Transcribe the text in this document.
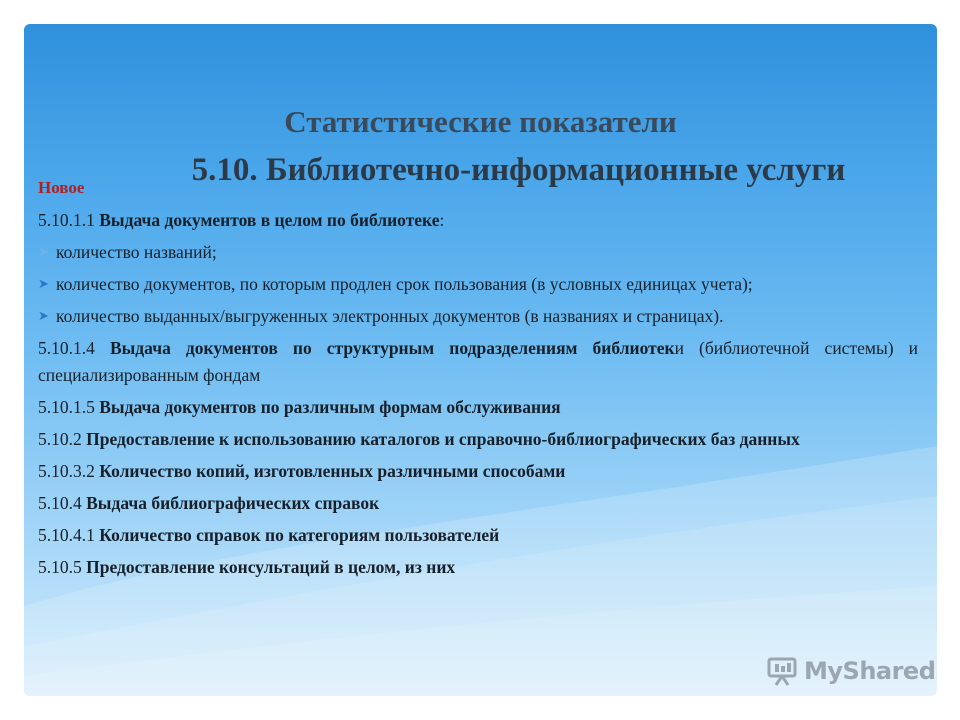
Статистические показатели
5.10. Библиотечно-информационные услуги
Новое
5.10.1.1 Выдача документов в целом по библиотеке:
➤ количество названий;
➤ количество документов, по которым продлен срок пользования (в условных единицах учета);
➤ количество выданных/выгруженных электронных документов (в названиях и страницах).
5.10.1.4 Выдача документов по структурным подразделениям библиотеки (библиотечной системы) и специализированным фондам
5.10.1.5 Выдача документов по различным формам обслуживания
5.10.2 Предоставление к использованию каталогов и справочно-библиографических баз данных
5.10.3.2 Количество копий, изготовленных различными способами
5.10.4 Выдача библиографических справок
5.10.4.1 Количество справок по категориям пользователей
5.10.5 Предоставление консультаций в целом, из них
MyShared
